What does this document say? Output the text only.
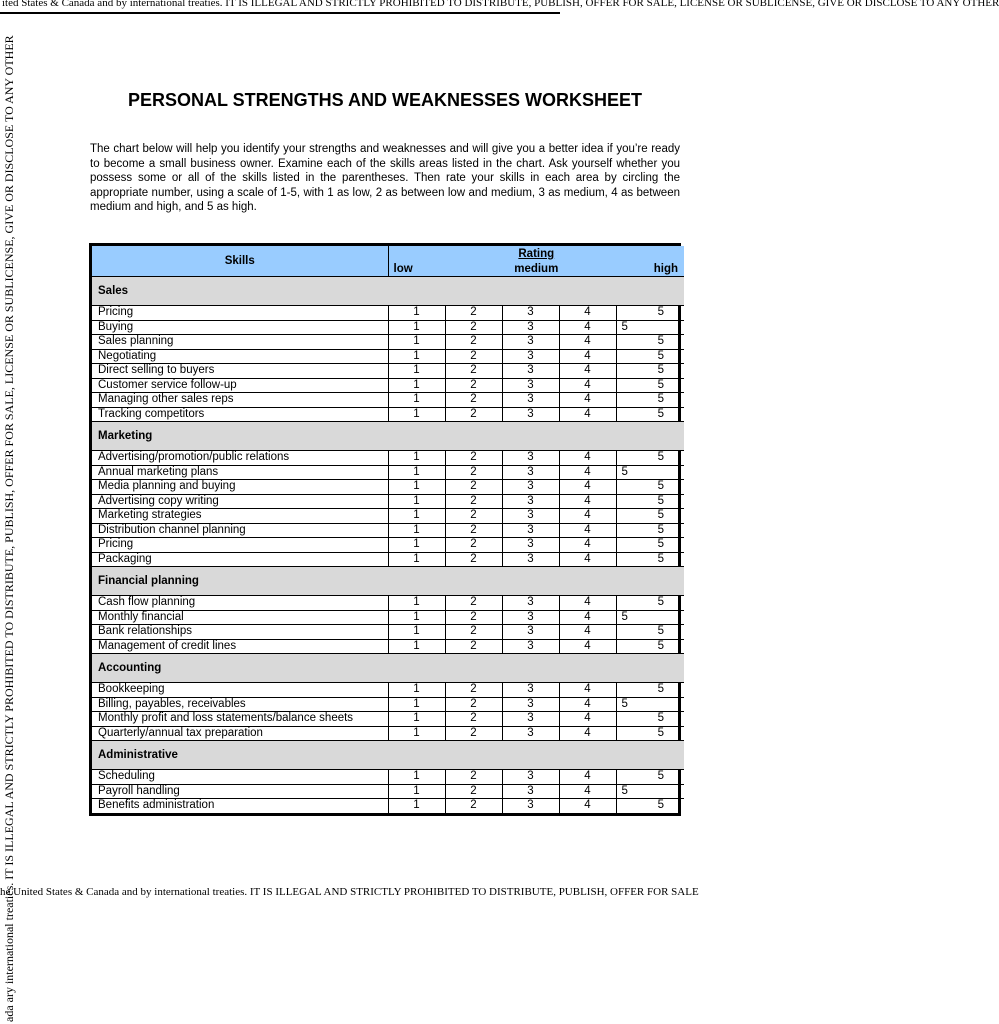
ited States & Canada and by international treaties. IT IS ILLEGAL AND STRICTLY PROHIBITED TO DISTRIBUTE, PUBLISH, OFFER FOR SALE, LICENSE OR SUBLICENSE, GIVE OR DISCLOSE TO ANY OTHER
ada ary international treaties. IT IS ILLEGAL AND STRICTLY PROHIBITED TO DISTRIBUTE, PUBLISH, OFFER FOR SALE, LICENSE OR SUBLICENSE, GIVE OR DISCLOSE TO ANY OTHER	PERSONAL STRENGTHS AND WEAKNESSES WORKSHEET

The chart below will help you identify your strengths and weaknesses and will give you a better idea if you’re ready to become a small business owner. Examine each of the skills areas listed in the chart. Ask yourself whether you possess some or all of the skills listed in the parentheses. Then rate your skills in each area by circling the appropriate number, using a scale of 1-5, with 1 as low, 2 as between low and medium, 3 as medium, 4 as between medium and high, and 5 as high.

Skills	Rating
low medium high				

Sales					
Pricing	1	2	3	4	5
Buying	1	2	3	4	5
Sales planning	1	2	3	4	5
Negotiating	1	2	3	4	5
Direct selling to buyers	1	2	3	4	5
Customer service follow-up	1	2	3	4	5
Managing other sales reps	1	2	3	4	5
Tracking competitors	1	2	3	4	5
Marketing					
Advertising/promotion/public relations	1	2	3	4	5
Annual marketing plans	1	2	3	4	5
Media planning and buying	1	2	3	4	5
Advertising copy writing	1	2	3	4	5
Marketing strategies	1	2	3	4	5
Distribution channel planning	1	2	3	4	5
Pricing	1	2	3	4	5
Packaging	1	2	3	4	5
Financial planning					
Cash flow planning	1	2	3	4	5
Monthly financial	1	2	3	4	5
Bank relationships	1	2	3	4	5
Management of credit lines	1	2	3	4	5
Accounting					
Bookkeeping	1	2	3	4	5
Billing, payables, receivables	1	2	3	4	5
Monthly profit and loss statements/balance sheets	1	2	3	4	5
Quarterly/annual tax preparation	1	2	3	4	5
Administrative					
Scheduling	1	2	3	4	5
Payroll handling	1	2	3	4	5
Benefits administration	1	2	3	4	5
he United States & Canada and by international treaties. IT IS ILLEGAL AND STRICTLY PROHIBITED TO DISTRIBUTE, PUBLISH, OFFER FOR SALE
